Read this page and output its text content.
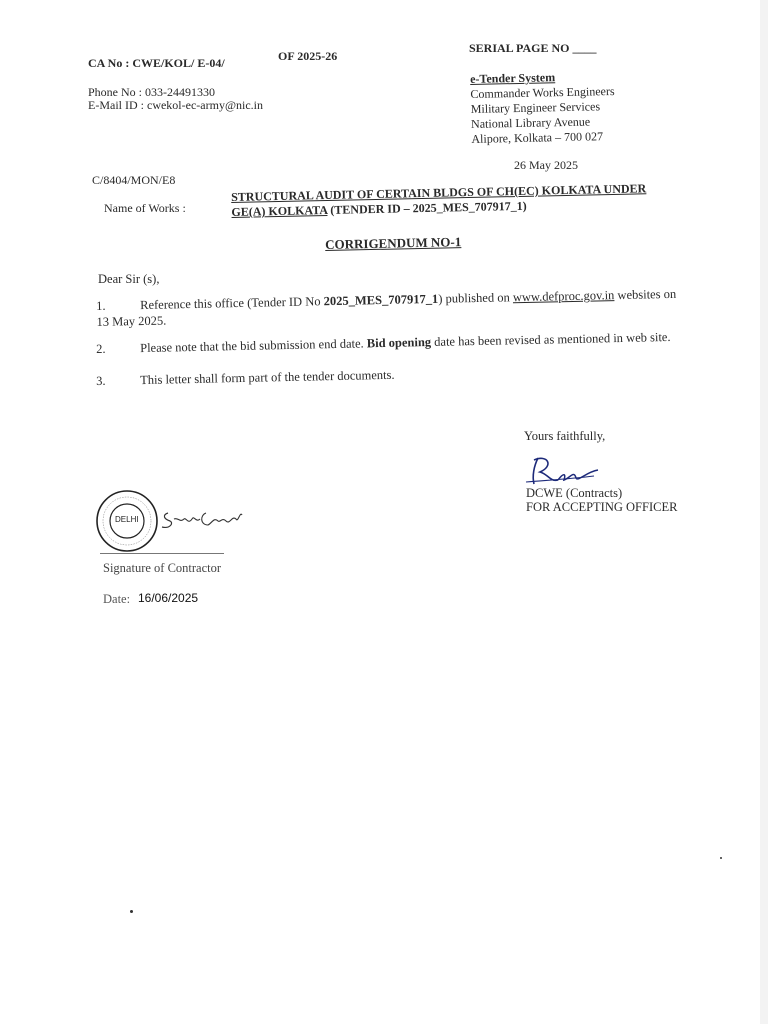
CA No : CWE/KOL/ E-04/	OF 2025-26
SERIAL PAGE NO ____
Phone No : 033-24491330
E-Mail ID : cwekol-ec-army@nic.in
e-Tender System
Commander Works Engineers
Military Engineer Services
National Library Avenue
Alipore, Kolkata – 700 027
26 May 2025
C/8404/MON/E8
Name of Works :
STRUCTURAL AUDIT OF CERTAIN BLDGS OF CH(EC) KOLKATA UNDER
GE(A) KOLKATA (TENDER ID – 2025_MES_707917_1)
CORRIGENDUM NO-1
Dear Sir (s),
1.	Reference this office (Tender ID No 2025_MES_707917_1) published on www.defproc.gov.in websites on
13 May 2025.
2.	Please note that the bid submission end date. Bid opening date has been revised as mentioned in web site.
3.	This letter shall form part of the tender documents.
Yours faithfully,
DCWE (Contracts)
FOR ACCEPTING OFFICER
DELHI
Signature of Contractor
Date: 16/06/2025
